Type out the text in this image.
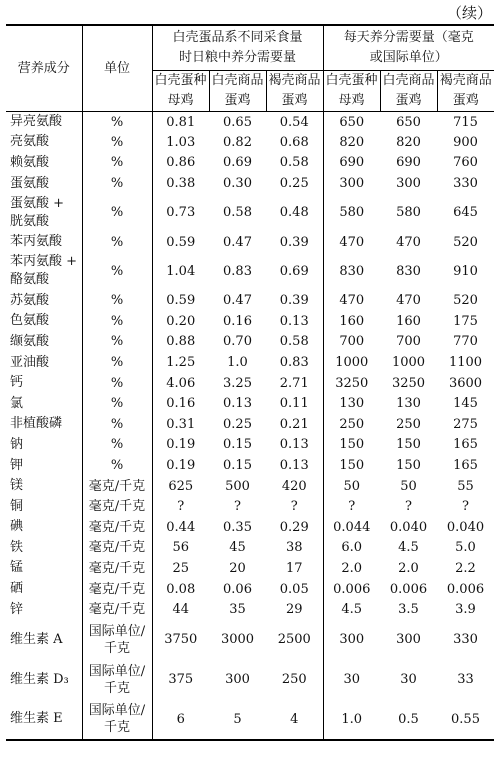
（续）
营养成分	单位	白壳蛋品系不同采食量时日粮中养分需要量			每天养分需要量（毫克或国际单位）		
		白壳蛋种母鸡	白壳商品蛋鸡	褐壳商品蛋鸡	白壳蛋种母鸡	白壳商品蛋鸡	褐壳商品蛋鸡
异亮氨酸	%	0.81	0.65	0.54	650	650	715
亮氨酸	%	1.03	0.82	0.68	820	820	900
赖氨酸	%	0.86	0.69	0.58	690	690	760
蛋氨酸	%	0.38	0.30	0.25	300	300	330
蛋氨酸 + 胱氨酸	%	0.73	0.58	0.48	580	580	645
苯丙氨酸	%	0.59	0.47	0.39	470	470	520
苯丙氨酸 + 酪氨酸	%	1.04	0.83	0.69	830	830	910
苏氨酸	%	0.59	0.47	0.39	470	470	520
色氨酸	%	0.20	0.16	0.13	160	160	175
缬氨酸	%	0.88	0.70	0.58	700	700	770
亚油酸	%	1.25	1.0	0.83	1000	1000	1100
钙	%	4.06	3.25	2.71	3250	3250	3600
氯	%	0.16	0.13	0.11	130	130	145
非植酸磷	%	0.31	0.25	0.21	250	250	275
钠	%	0.19	0.15	0.13	150	150	165
钾	%	0.19	0.15	0.13	150	150	165
镁	毫克/千克	625	500	420	50	50	55
铜	毫克/千克	?	?	?	?	?	?
碘	毫克/千克	0.44	0.35	0.29	0.044	0.040	0.040
铁	毫克/千克	56	45	38	6.0	4.5	5.0
锰	毫克/千克	25	20	17	2.0	2.0	2.2
硒	毫克/千克	0.08	0.06	0.05	0.006	0.006	0.006
锌	毫克/千克	44	35	29	4.5	3.5	3.9
维生素 A	国际单位/千克	3750	3000	2500	300	300	330
维生素 D₃	国际单位/千克	375	300	250	30	30	33
维生素 E	国际单位/千克	6	5	4	1.0	0.5	0.55
